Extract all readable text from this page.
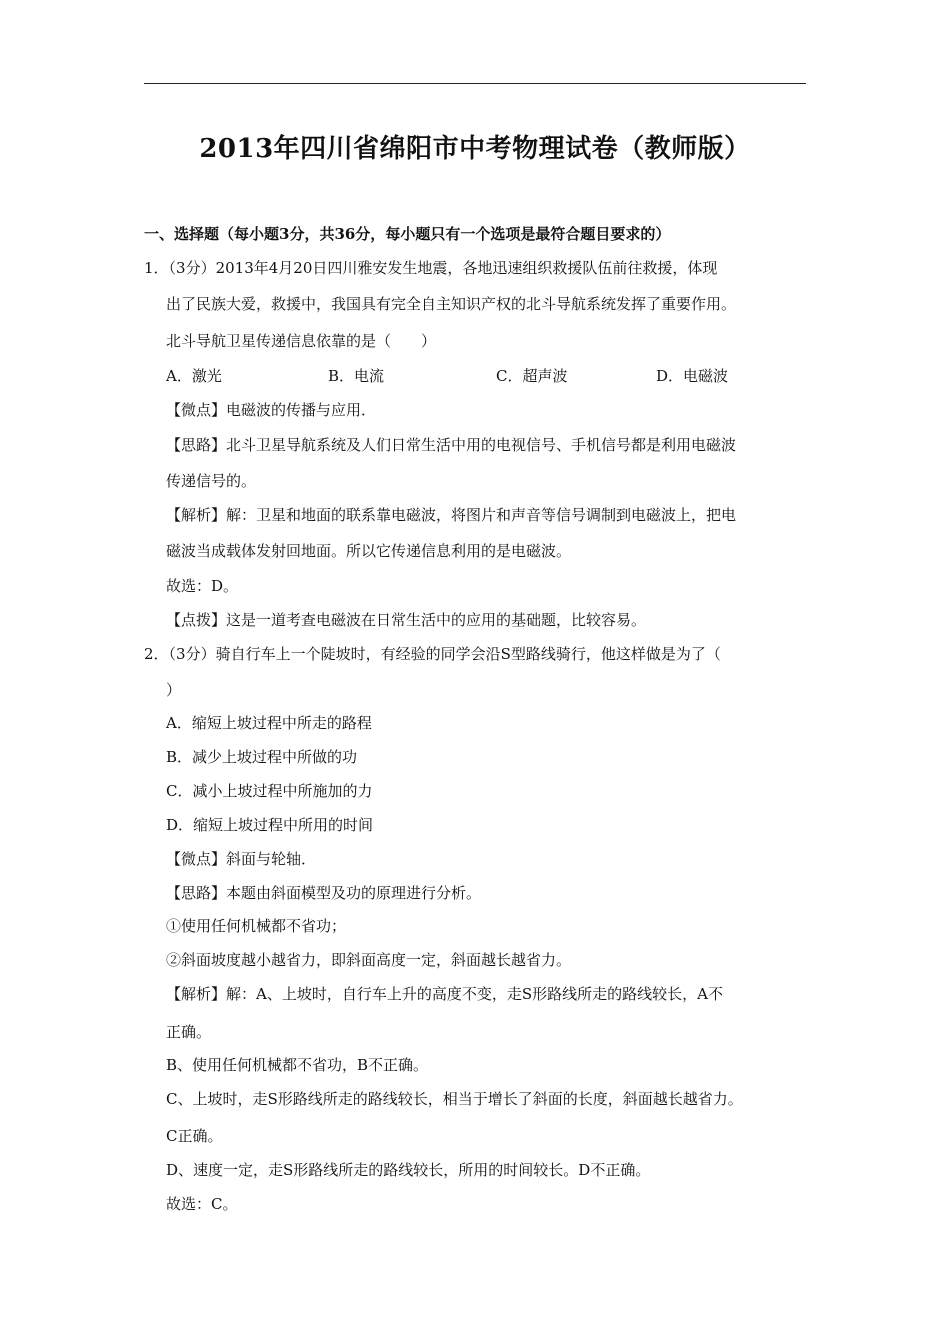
2013年四川省绵阳市中考物理试卷（教师版）
一、选择题（每小题3分，共36分，每小题只有一个选项是最符合题目要求的）
1．（3分）2013年4月20日四川雅安发生地震，各地迅速组织救援队伍前往救援，体现
出了民族大爱，救援中，我国具有完全自主知识产权的北斗导航系统发挥了重要作用。
北斗导航卫星传递信息依靠的是（　　）
A．激光	B．电流	C．超声波	D．电磁波
【微点】电磁波的传播与应用．
【思路】北斗卫星导航系统及人们日常生活中用的电视信号、手机信号都是利用电磁波
传递信号的。
【解析】解：卫星和地面的联系靠电磁波，将图片和声音等信号调制到电磁波上，把电
磁波当成载体发射回地面。所以它传递信息利用的是电磁波。
故选：D。
【点拨】这是一道考查电磁波在日常生活中的应用的基础题，比较容易。
2．（3分）骑自行车上一个陡坡时，有经验的同学会沿S型路线骑行，他这样做是为了（
）
A．缩短上坡过程中所走的路程
B．减少上坡过程中所做的功
C．减小上坡过程中所施加的力
D．缩短上坡过程中所用的时间
【微点】斜面与轮轴．
【思路】本题由斜面模型及功的原理进行分析。
①使用任何机械都不省功；
②斜面坡度越小越省力，即斜面高度一定，斜面越长越省力。
【解析】解：A、上坡时，自行车上升的高度不变，走S形路线所走的路线较长，A不
正确。
B、使用任何机械都不省功，B不正确。
C、上坡时，走S形路线所走的路线较长，相当于增长了斜面的长度，斜面越长越省力。
C正确。
D、速度一定，走S形路线所走的路线较长，所用的时间较长。D不正确。
故选：C。
